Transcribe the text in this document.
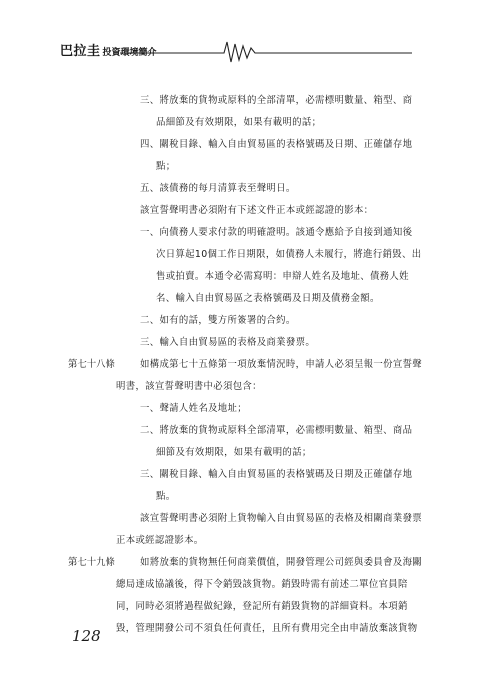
巴拉圭 投資環境簡介
三、將放棄的貨物或原料的全部清單，必需標明數量、箱型、商
品細節及有效期限，如果有載明的話；
四、關稅目錄、輸入自由貿易區的表格號碼及日期、正確儲存地
點；
五、該債務的每月清算表至聲明日。
該宣誓聲明書必須附有下述文件正本或經認證的影本：
一、向債務人要求付款的明確證明。該通令應給予自接到通知後
次日算起10個工作日期限，如債務人未履行，將進行銷毀、出
售或拍賣。本通令必需寫明：申辯人姓名及地址、債務人姓
名、輸入自由貿易區之表格號碼及日期及債務金額。
二、如有的話，雙方所簽署的合約。
三、輸入自由貿易區的表格及商業發票。
第七十八條	如構成第七十五條第一項放棄情況時，申請人必須呈報一份宣誓聲
明書，該宣誓聲明書中必須包含：
一、聲請人姓名及地址；
二、將放棄的貨物或原料全部清單，必需標明數量、箱型、商品
細節及有效期限，如果有載明的話；
三、關稅目錄、輸入自由貿易區的表格號碼及日期及正確儲存地
點。
該宣誓聲明書必須附上貨物輸入自由貿易區的表格及相關商業發票
正本或經認證影本。
第七十九條	如將放棄的貨物無任何商業價值，開發管理公司經與委員會及海關
總局達成協議後，得下令銷毀該貨物。銷毀時需有前述二單位官員陪
同，同時必須將過程做紀錄，登記所有銷毀貨物的詳細資料。本項銷
毀，管理開發公司不須負任何責任，且所有費用完全由申請放棄該貨物
128
